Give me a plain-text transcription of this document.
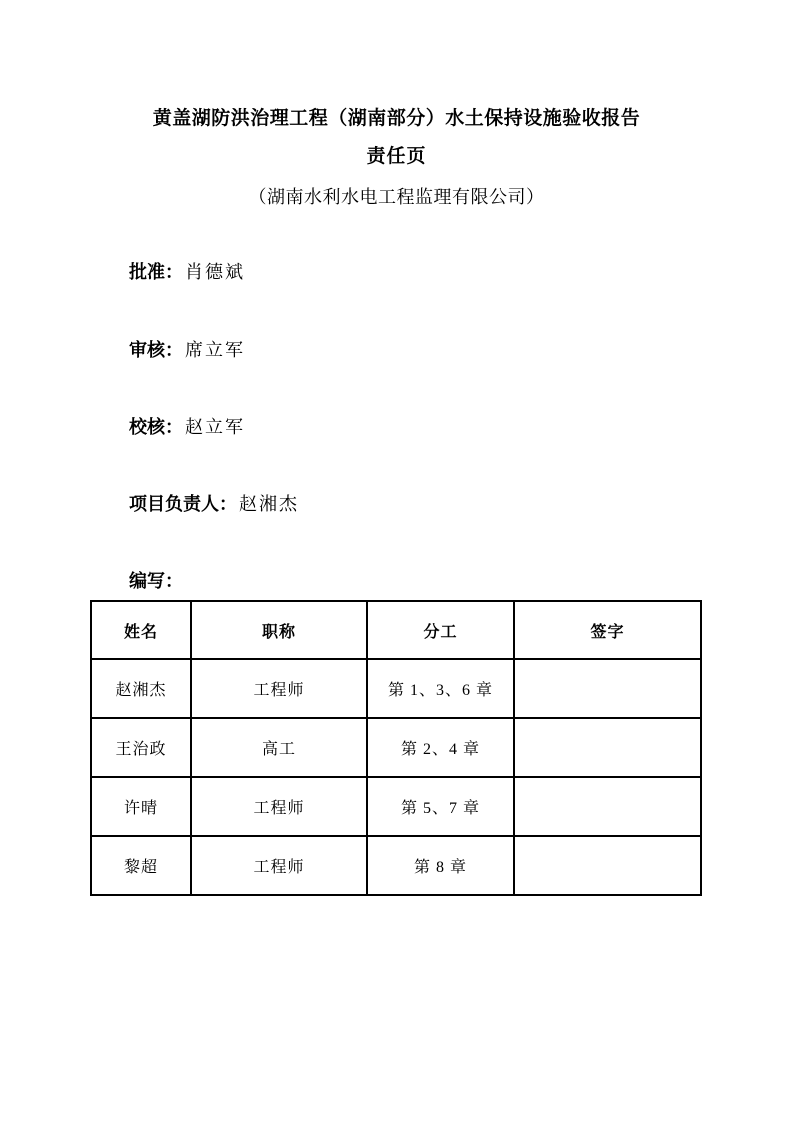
黄盖湖防洪治理工程（湖南部分）水土保持设施验收报告
责任页
（湖南水利水电工程监理有限公司）
批准： 肖德斌
审核： 席立军
校核： 赵立军
项目负责人： 赵湘杰
编写：
姓名	职称	分工	签字
赵湘杰	工程师	第 1、3、6 章	
王治政	高工	第 2、4 章	
许晴	工程师	第 5、7 章	
黎超	工程师	第 8 章	
